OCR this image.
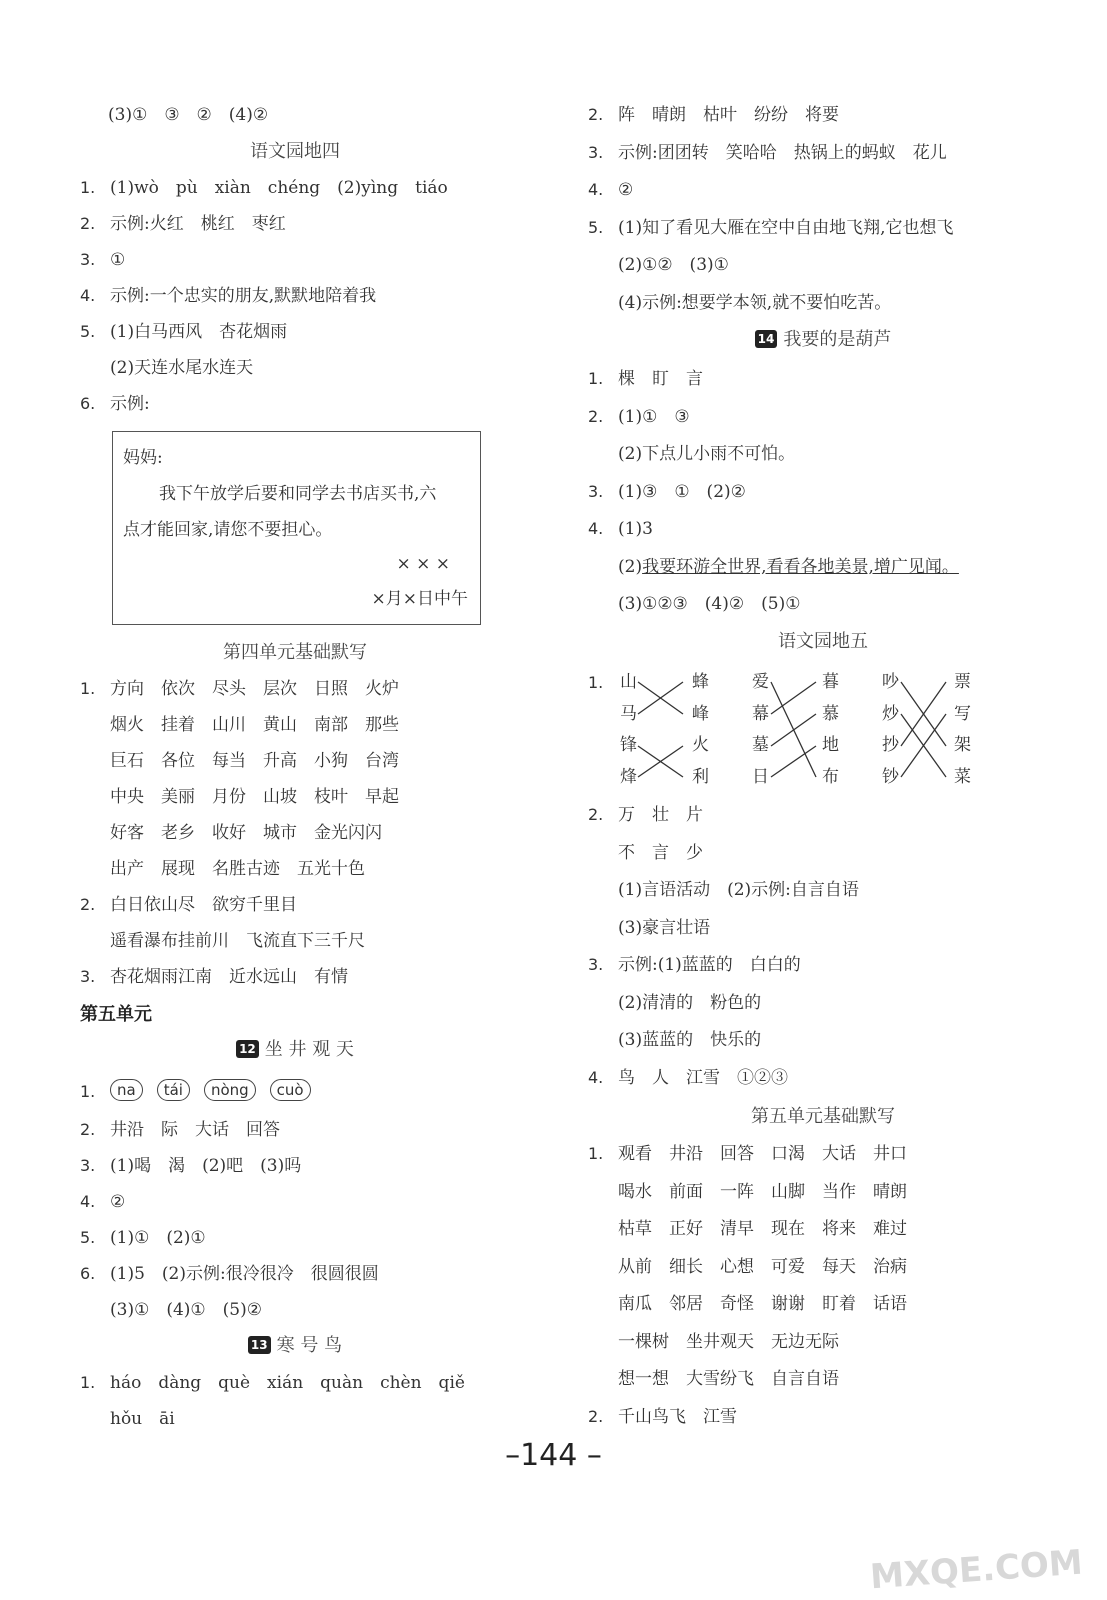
(3)①　③　②　(4)②
语文园地四
1. (1)wò　pù　xiàn　chéng　(2)yìng　tiáo
2. 示例:火红　桃红　枣红
3. ①
4. 示例:一个忠实的朋友,默默地陪着我
5. (1)白马西风　杏花烟雨
(2)天连水尾水连天
6. 示例:
第四单元基础默写
1. 方向　依次　尽头　层次　日照　火炉
烟火　挂着　山川　黄山　南部　那些
巨石　各位　每当　升高　小狗　台湾
中央　美丽　月份　山坡　枝叶　早起
好客　老乡　收好　城市　金光闪闪
出产　展现　名胜古迹　五光十色
2. 白日依山尽　欲穷千里目
遥看瀑布挂前川　飞流直下三千尺
3. 杏花烟雨江南　近水远山　有情
第五单元
12 坐 井 观 天
1.	na tái nòng cuò
2. 井沿　际　大话　回答
3. (1)喝　渴　(2)吧　(3)吗
4. ②
5. (1)①　(2)①
6. (1)5　(2)示例:很冷很冷　很圆很圆
(3)①　(4)①　(5)②
13 寒 号 鸟
1. háo　dàng　què　xián　quàn　chèn　qiě
hǒu　āi
妈妈:
我下午放学后要和同学去书店买书,六
点才能回家,请您不要担心。
× × ×
×月×日中午
2. 阵　晴朗　枯叶　纷纷　将要
3. 示例:团团转　笑哈哈　热锅上的蚂蚁　花儿
4. ②
5. (1)知了看见大雁在空中自由地飞翔,它也想飞
(2)①②　(3)①
(4)示例:想要学本领,就不要怕吃苦。
14 我要的是葫芦
1. 棵　盯　言
2. (1)①　③
(2)下点儿小雨不可怕。
3. (1)③　①　(2)②
4. (1)3
(2)我要环游全世界,看看各地美景,增广见闻。
(3)①②③　(4)②　(5)①
语文园地五
1. 山
马
锋
烽
蜂
峰
火
利
爱
幕
墓
日
暮
慕
地
布
吵
炒
抄
钞
票
写
架
菜
2. 万　壮　片
不　言　少
(1)言语活动　(2)示例:自言自语
(3)豪言壮语
3. 示例:(1)蓝蓝的　白白的
(2)清清的　粉色的
(3)蓝蓝的　快乐的
4. 鸟　人　江雪　①②③
第五单元基础默写
1. 观看　井沿　回答　口渴　大话　井口
喝水　前面　一阵　山脚　当作　晴朗
枯草　正好　清早　现在　将来　难过
从前　细长　心想　可爱　每天　治病
南瓜　邻居　奇怪　谢谢　盯着　话语
一棵树　坐井观天　无边无际
想一想　大雪纷飞　自言自语
2. 千山鸟飞　江雪
–144 –
MXQE.COM
